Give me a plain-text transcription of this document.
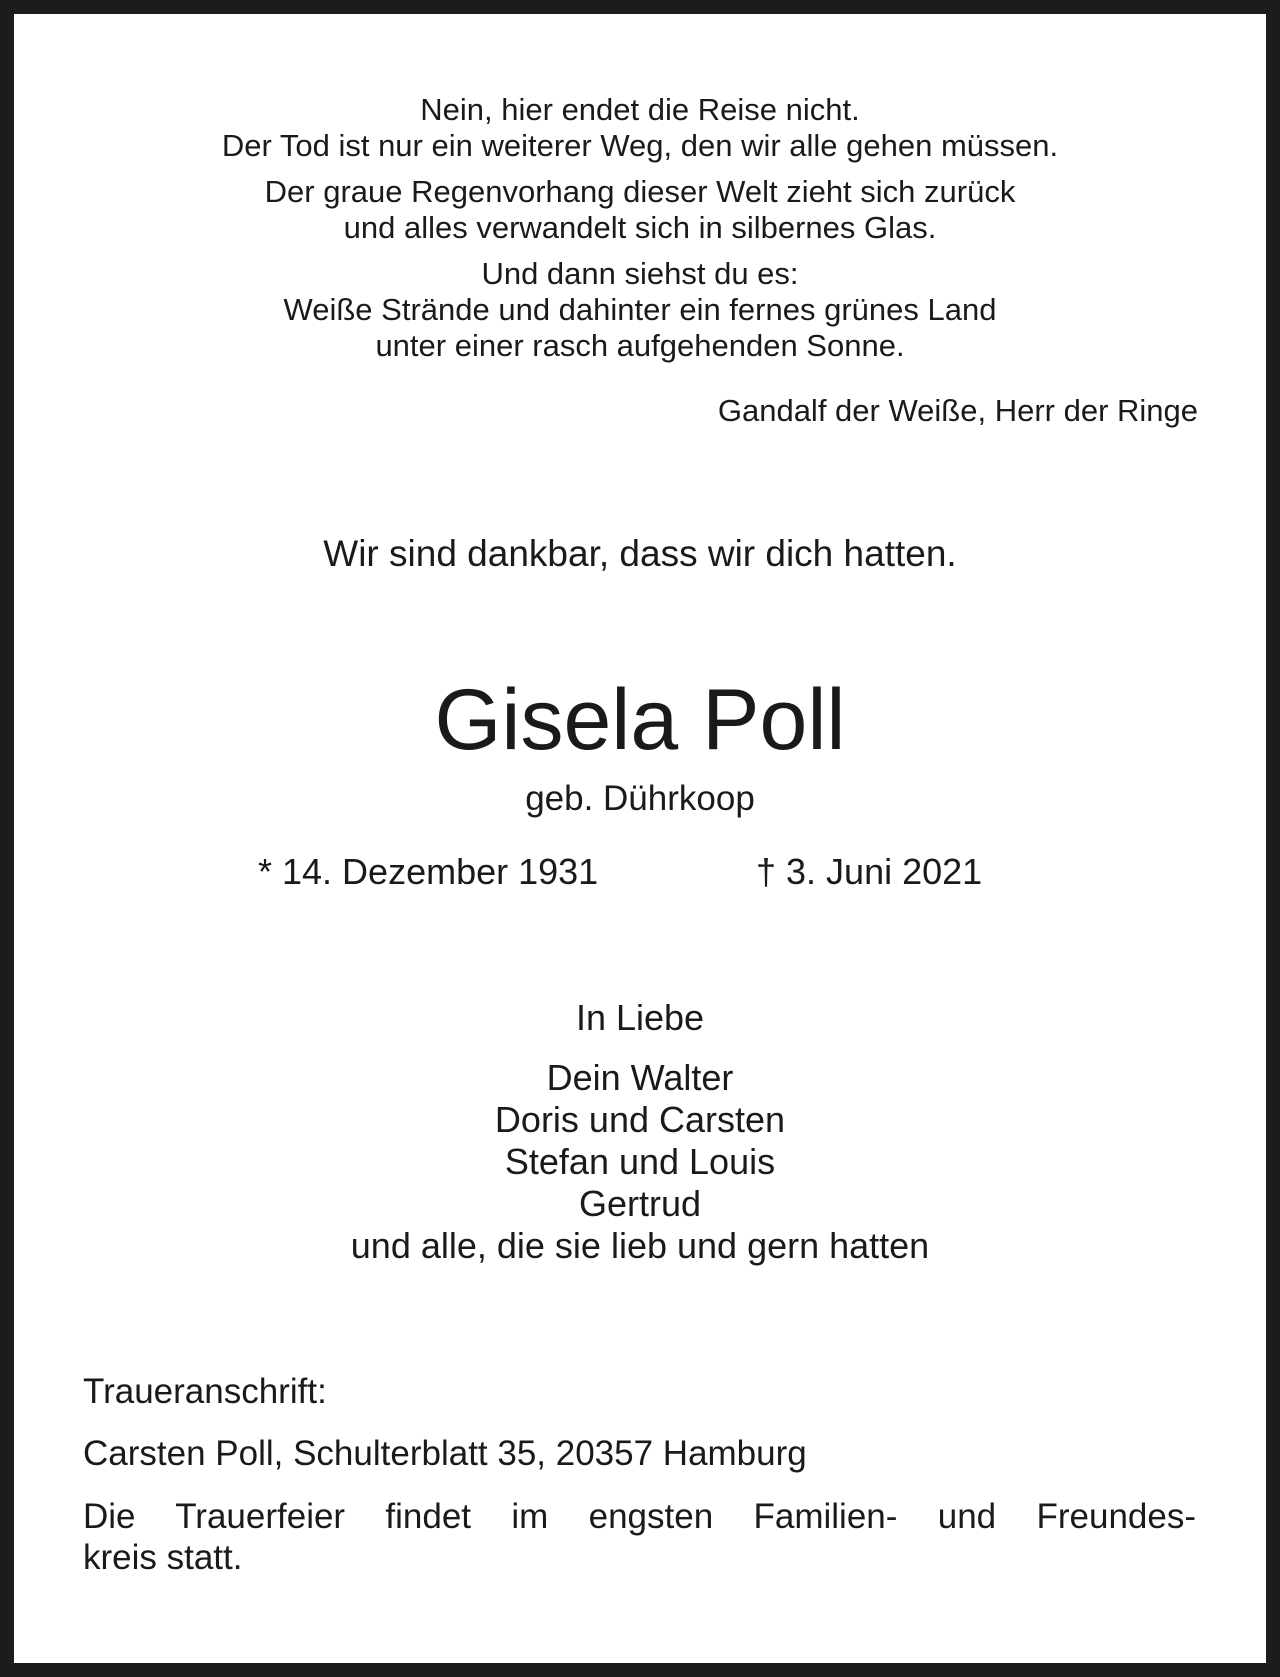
Nein, hier endet die Reise nicht.
Der Tod ist nur ein weiterer Weg, den wir alle gehen müssen.
Der graue Regenvorhang dieser Welt zieht sich zurück
und alles verwandelt sich in silbernes Glas.
Und dann siehst du es:
Weiße Strände und dahinter ein fernes grünes Land
unter einer rasch aufgehenden Sonne.
Gandalf der Weiße, Herr der Ringe
Wir sind dankbar, dass wir dich hatten.
Gisela Poll
geb. Dührkoop
* 14. Dezember 1931	† 3. Juni 2021
In Liebe
Dein Walter
Doris und Carsten
Stefan und Louis
Gertrud
und alle, die sie lieb und gern hatten
Traueranschrift:
Carsten Poll, Schulterblatt 35, 20357 Hamburg
Die Trauerfeier findet im engsten Familien- und Freundes-
kreis statt.
